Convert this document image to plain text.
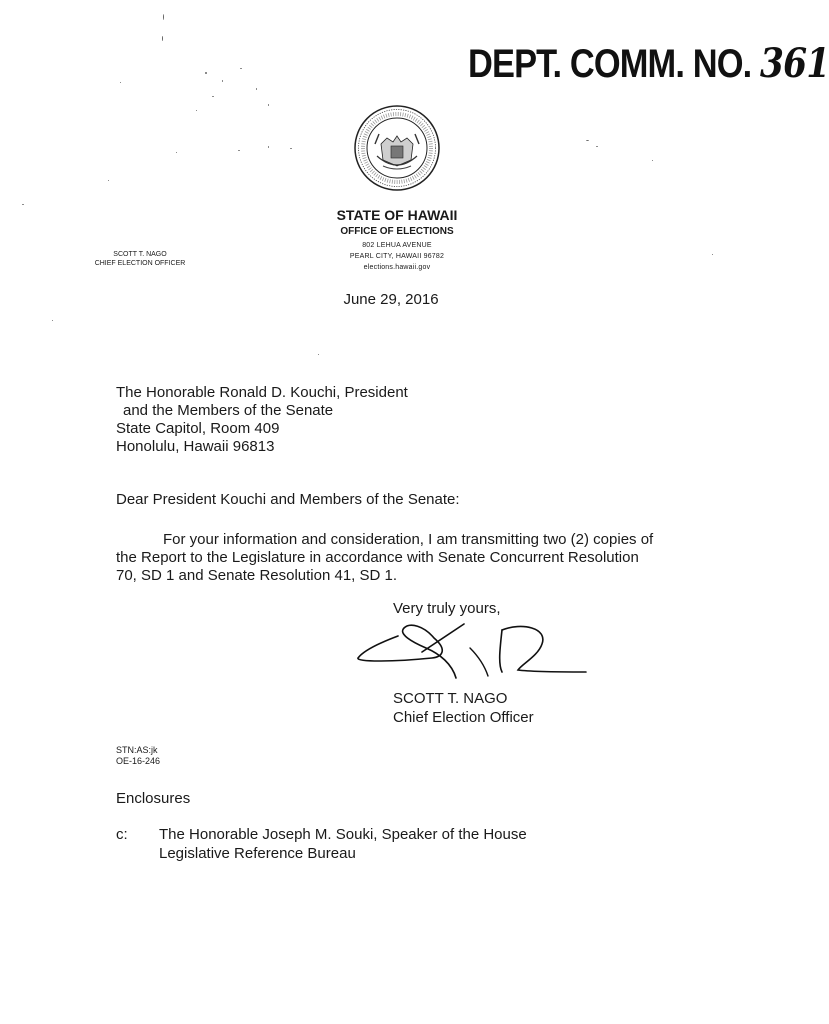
DEPT. COMM. NO. 361
STATE OF HAWAII
OFFICE OF ELECTIONS
802 LEHUA AVENUE
PEARL CITY, HAWAII 96782
elections.hawaii.gov
SCOTT T. NAGO
CHIEF ELECTION OFFICER
June 29, 2016
The Honorable Ronald D. Kouchi, President
and the Members of the Senate
State Capitol, Room 409
Honolulu, Hawaii 96813
Dear President Kouchi and Members of the Senate:
For your information and consideration, I am transmitting two (2) copies of
the Report to the Legislature in accordance with Senate Concurrent Resolution
70, SD 1 and Senate Resolution 41, SD 1.
Very truly yours,
SCOTT T. NAGO
Chief Election Officer
STN:AS:jk
OE-16-246
Enclosures
c: The Honorable Joseph M. Souki, Speaker of the House
Legislative Reference Bureau
